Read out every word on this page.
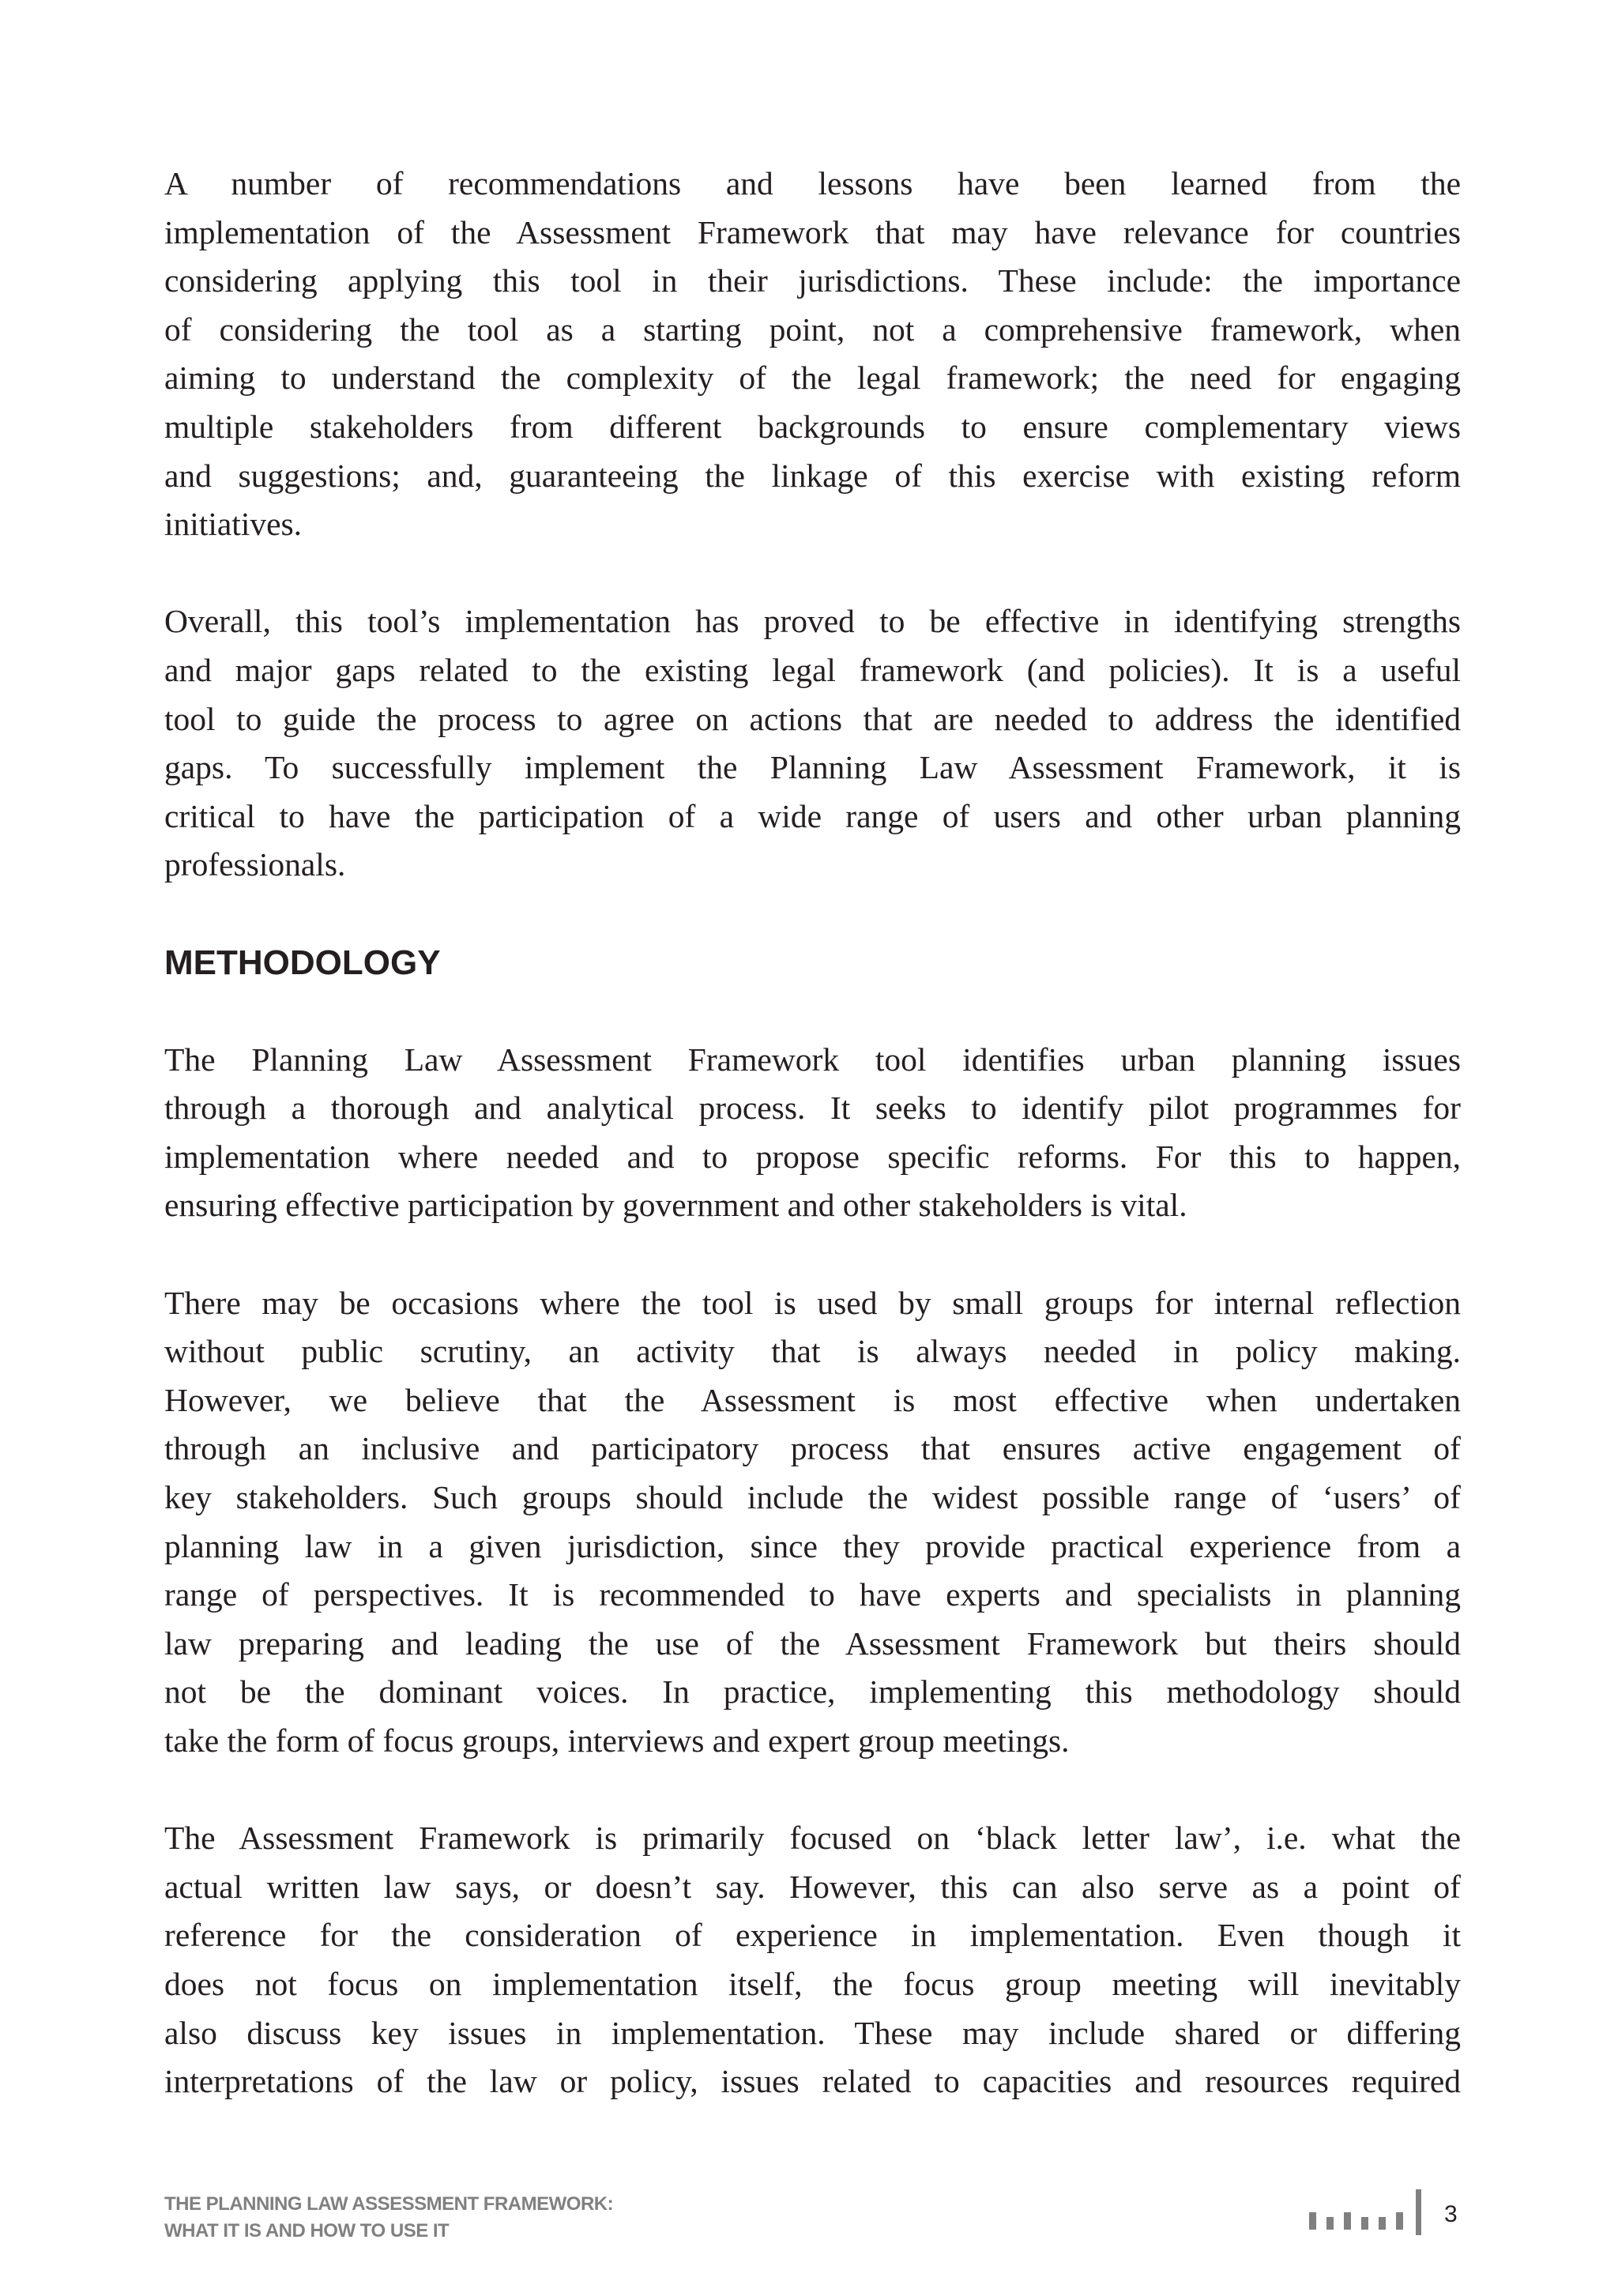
A number of recommendations and lessons have been learned from the
implementation of the Assessment Framework that may have relevance for countries
considering applying this tool in their jurisdictions. These include: the importance
of considering the tool as a starting point, not a comprehensive framework, when
aiming to understand the complexity of the legal framework; the need for engaging
multiple stakeholders from different backgrounds to ensure complementary views
and suggestions; and, guaranteeing the linkage of this exercise with existing reform
initiatives.
Overall, this tool’s implementation has proved to be effective in identifying strengths
and major gaps related to the existing legal framework (and policies). It is a useful
tool to guide the process to agree on actions that are needed to address the identified
gaps. To successfully implement the Planning Law Assessment Framework, it is
critical to have the participation of a wide range of users and other urban planning
professionals.
METHODOLOGY
The Planning Law Assessment Framework tool identifies urban planning issues
through a thorough and analytical process. It seeks to identify pilot programmes for
implementation where needed and to propose specific reforms. For this to happen,
ensuring effective participation by government and other stakeholders is vital.
There may be occasions where the tool is used by small groups for internal reflection
without public scrutiny, an activity that is always needed in policy making.
However, we believe that the Assessment is most effective when undertaken
through an inclusive and participatory process that ensures active engagement of
key stakeholders. Such groups should include the widest possible range of ‘users’ of
planning law in a given jurisdiction, since they provide practical experience from a
range of perspectives. It is recommended to have experts and specialists in planning
law preparing and leading the use of the Assessment Framework but theirs should
not be the dominant voices. In practice, implementing this methodology should
take the form of focus groups, interviews and expert group meetings.
The Assessment Framework is primarily focused on ‘black letter law’, i.e. what the
actual written law says, or doesn’t say. However, this can also serve as a point of
reference for the consideration of experience in implementation. Even though it
does not focus on implementation itself, the focus group meeting will inevitably
also discuss key issues in implementation. These may include shared or differing
interpretations of the law or policy, issues related to capacities and resources required
THE PLANNING LAW ASSESSMENT FRAMEWORK:
WHAT IT IS AND HOW TO USE IT
3
